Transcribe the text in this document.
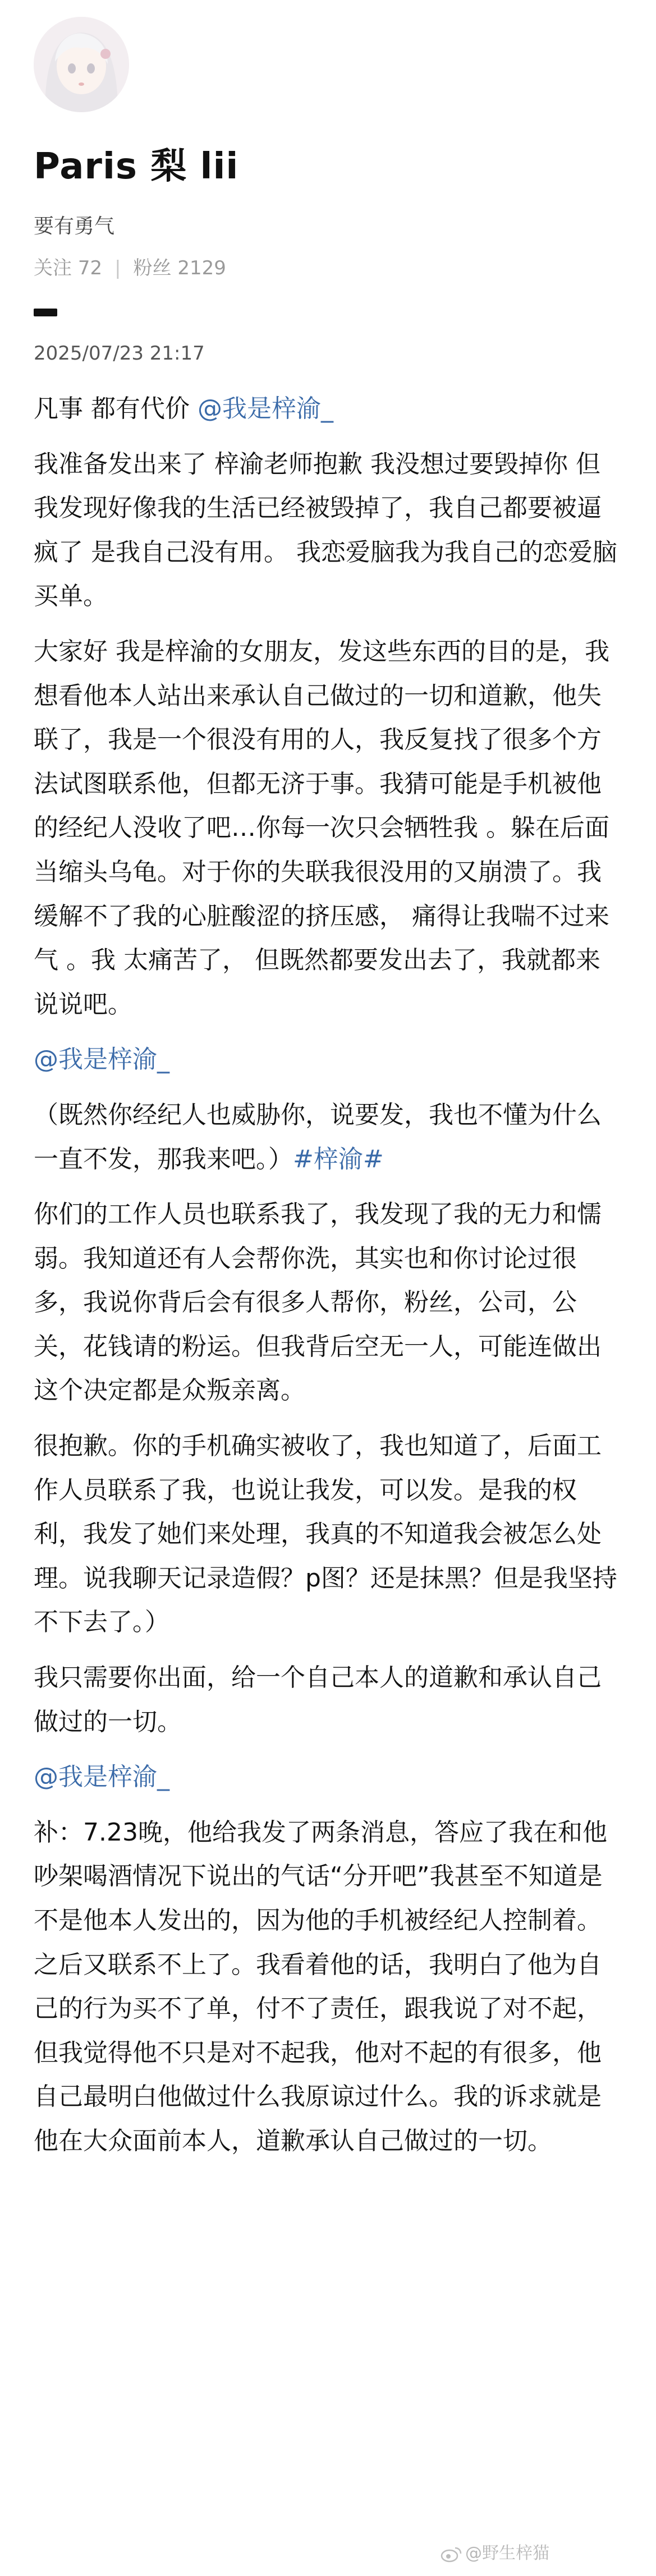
Paris 梨 lii
要有勇气
关注 72 | 粉丝 2129
2025/07/23 21:17

凡事 都有代价 @我是梓渝_

我准备发出来了 梓渝老师抱歉 我没想过要毁掉你 但我发现好像我的生活已经被毁掉了，我自己都要被逼疯了 是我自己没有用。 我恋爱脑我为我自己的恋爱脑买单。

大家好 我是梓渝的女朋友，发这些东西的目的是，我想看他本人站出来承认自己做过的一切和道歉，他失联了，我是一个很没有用的人，我反复找了很多个方法试图联系他，但都无济于事。我猜可能是手机被他的经纪人没收了吧…你每一次只会牺牲我 。躲在后面当缩头乌龟。对于你的失联我很没用的又崩溃了。我缓解不了我的心脏酸涩的挤压感， 痛得让我喘不过来气 。我 太痛苦了， 但既然都要发出去了，我就都来说说吧。

@我是梓渝_

（既然你经纪人也威胁你，说要发，我也不懂为什么一直不发，那我来吧。）#梓渝#

你们的工作人员也联系我了，我发现了我的无力和懦弱。我知道还有人会帮你洗，其实也和你讨论过很多，我说你背后会有很多人帮你，粉丝，公司，公关，花钱请的粉运。但我背后空无一人，可能连做出这个决定都是众叛亲离。

很抱歉。你的手机确实被收了，我也知道了，后面工作人员联系了我，也说让我发，可以发。是我的权利，我发了她们来处理，我真的不知道我会被怎么处理。说我聊天记录造假？p图？还是抹黑？但是我坚持不下去了。）

我只需要你出面，给一个自己本人的道歉和承认自己做过的一切。

@我是梓渝_

补：7.23晚，他给我发了两条消息，答应了我在和他吵架喝酒情况下说出的气话“分开吧”我甚至不知道是不是他本人发出的，因为他的手机被经纪人控制着。之后又联系不上了。我看着他的话，我明白了他为自己的行为买不了单，付不了责任，跟我说了对不起，但我觉得他不只是对不起我，他对不起的有很多，他自己最明白他做过什么我原谅过什么。我的诉求就是他在大众面前本人，道歉承认自己做过的一切。

@野生梓猫
